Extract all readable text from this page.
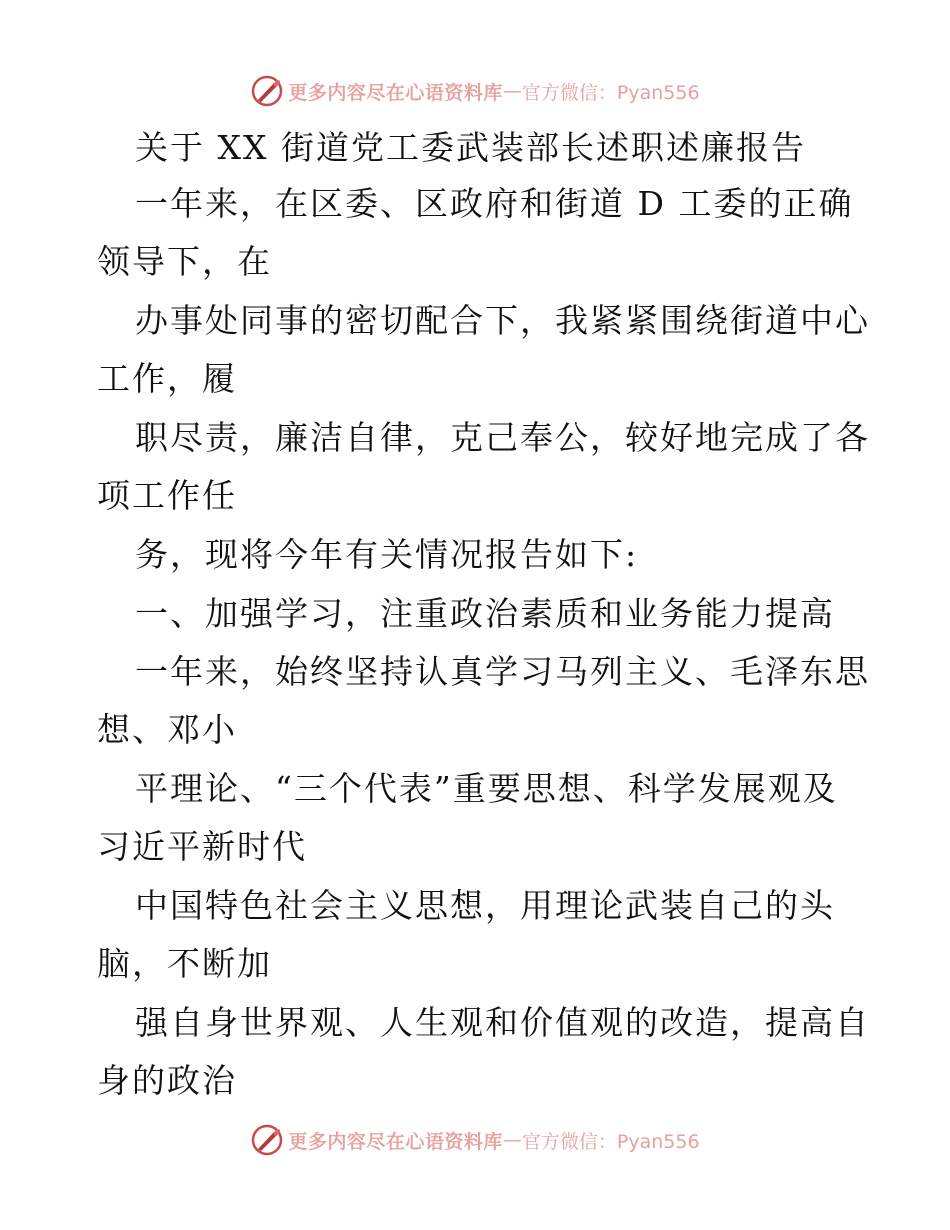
更多内容尽在心语资料库 — 官方微信：Pyan556
关于 XX 街道党工委武装部长述职述廉报告
一年来，在区委、区政府和街道 D 工委的正确
领导下，在
办事处同事的密切配合下，我紧紧围绕街道中心
工作，履
职尽责，廉洁自律，克己奉公，较好地完成了各
项工作任
务，现将今年有关情况报告如下:
一、加强学习，注重政治素质和业务能力提高
一年来，始终坚持认真学习马列主义、毛泽东思
想、邓小
平理论、“三个代表”重要思想、科学发展观及
习近平新时代
中国特色社会主义思想，用理论武装自己的头
脑，不断加
强自身世界观、人生观和价值观的改造，提高自
身的政治
更多内容尽在心语资料库 — 官方微信：Pyan556
